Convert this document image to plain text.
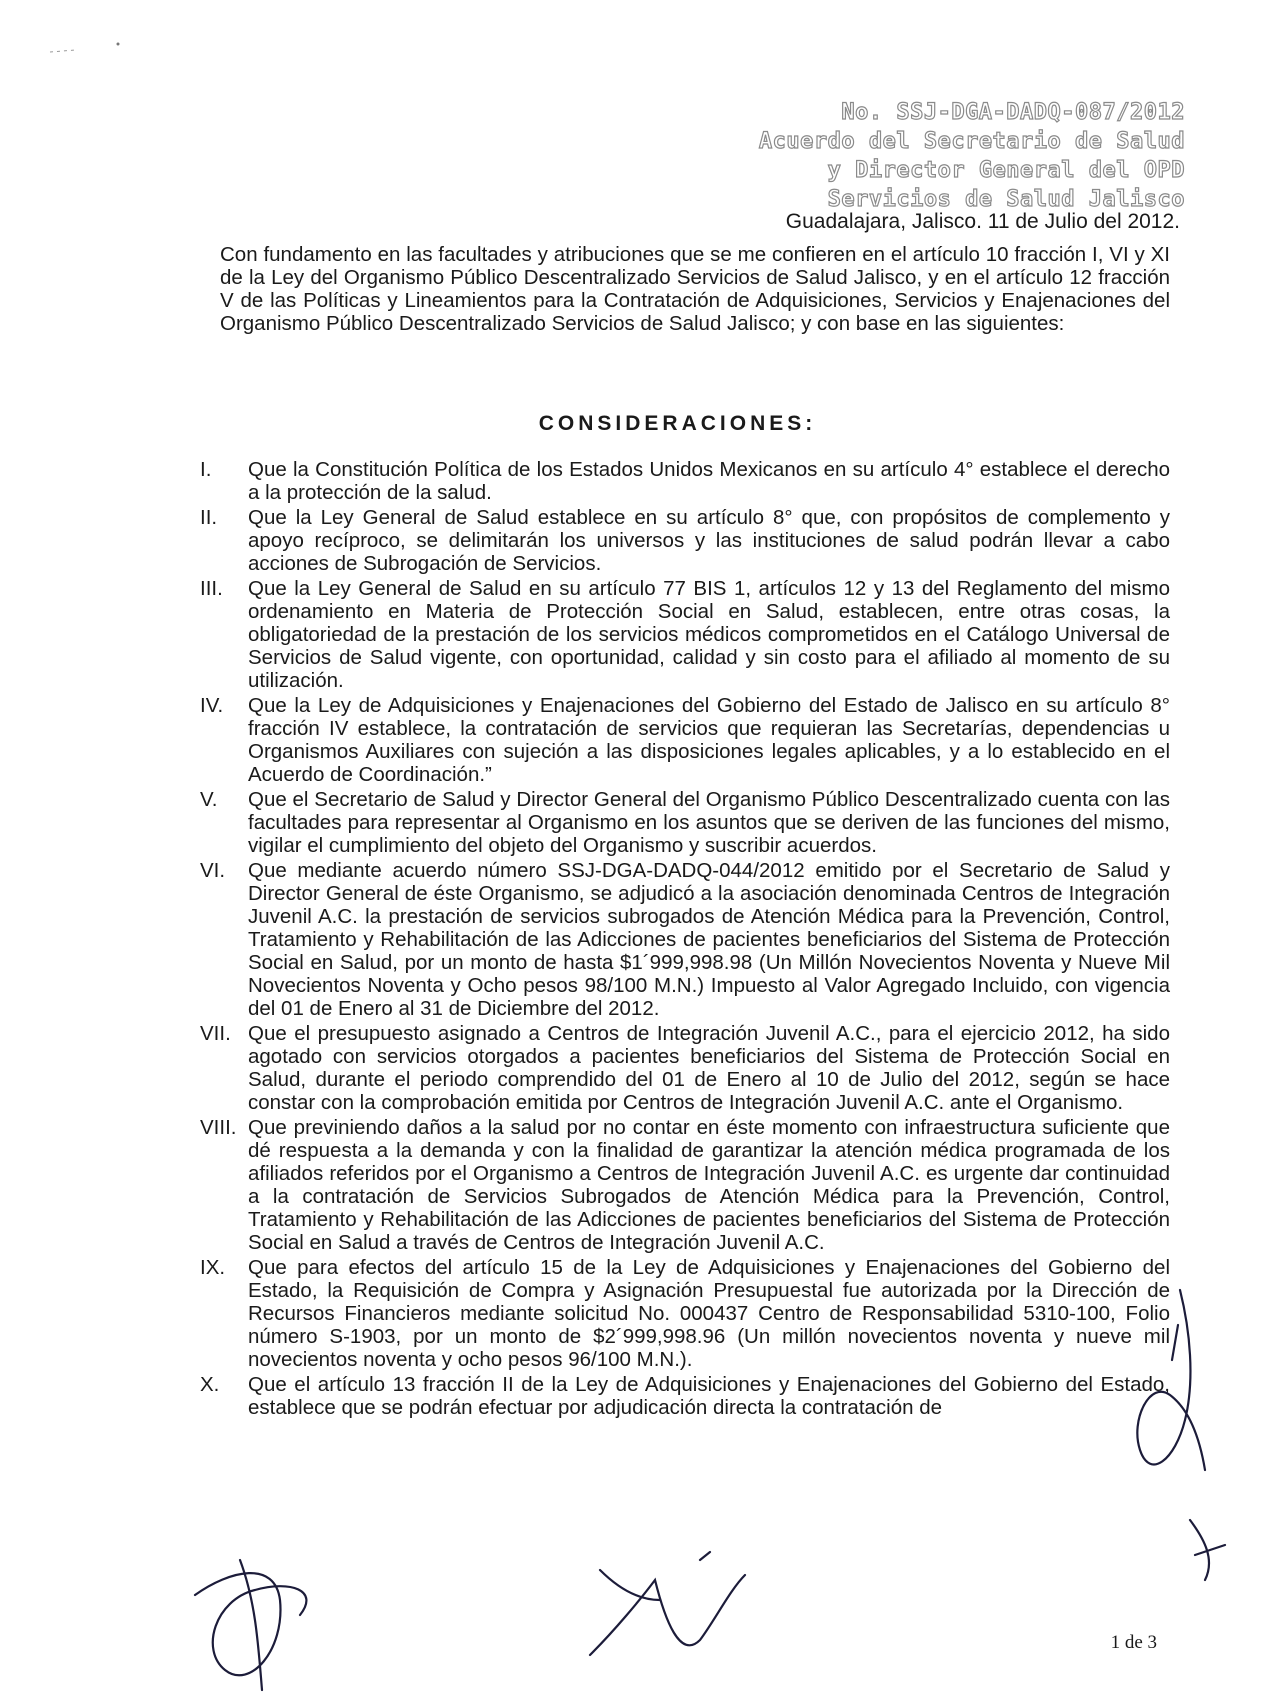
No. SSJ-DGA-DADQ-087/2012
Acuerdo del Secretario de Salud
y Director General del OPD
Servicios de Salud Jalisco
Guadalajara, Jalisco. 11 de Julio del 2012.
Con fundamento en las facultades y atribuciones que se me confieren en el artículo 10 fracción I, VI y XI de la Ley del Organismo Público Descentralizado Servicios de Salud Jalisco, y en el artículo 12 fracción V de las Políticas y Lineamientos para la Contratación de Adquisiciones, Servicios y Enajenaciones del Organismo Público Descentralizado Servicios de Salud Jalisco; y con base en las siguientes:
CONSIDERACIONES:
I.	Que la Constitución Política de los Estados Unidos Mexicanos en su artículo 4° establece el derecho a la protección de la salud.
II.	Que la Ley General de Salud establece en su artículo 8° que, con propósitos de complemento y apoyo recíproco, se delimitarán los universos y las instituciones de salud podrán llevar a cabo acciones de Subrogación de Servicios.
III.	Que la Ley General de Salud en su artículo 77 BIS 1, artículos 12 y 13 del Reglamento del mismo ordenamiento en Materia de Protección Social en Salud, establecen, entre otras cosas, la obligatoriedad de la prestación de los servicios médicos comprometidos en el Catálogo Universal de Servicios de Salud vigente, con oportunidad, calidad y sin costo para el afiliado al momento de su utilización.
IV.	Que la Ley de Adquisiciones y Enajenaciones del Gobierno del Estado de Jalisco en su artículo 8° fracción IV establece, la contratación de servicios que requieran las Secretarías, dependencias u Organismos Auxiliares con sujeción a las disposiciones legales aplicables, y a lo establecido en el Acuerdo de Coordinación.”
V.	Que el Secretario de Salud y Director General del Organismo Público Descentralizado cuenta con las facultades para representar al Organismo en los asuntos que se deriven de las funciones del mismo, vigilar el cumplimiento del objeto del Organismo y suscribir acuerdos.
VI.	Que mediante acuerdo número SSJ-DGA-DADQ-044/2012 emitido por el Secretario de Salud y Director General de éste Organismo, se adjudicó a la asociación denominada Centros de Integración Juvenil A.C. la prestación de servicios subrogados de Atención Médica para la Prevención, Control, Tratamiento y Rehabilitación de las Adicciones de pacientes beneficiarios del Sistema de Protección Social en Salud, por un monto de hasta $1´999,998.98 (Un Millón Novecientos Noventa y Nueve Mil Novecientos Noventa y Ocho pesos 98/100 M.N.) Impuesto al Valor Agregado Incluido, con vigencia del 01 de Enero al 31 de Diciembre del 2012.
VII. Que el presupuesto asignado a Centros de Integración Juvenil A.C., para el ejercicio 2012, ha sido agotado con servicios otorgados a pacientes beneficiarios del Sistema de Protección Social en Salud, durante el periodo comprendido del 01 de Enero al 10 de Julio del 2012, según se hace constar con la comprobación emitida por Centros de Integración Juvenil A.C. ante el Organismo.
VIII. Que previniendo daños a la salud por no contar en éste momento con infraestructura suficiente que dé respuesta a la demanda y con la finalidad de garantizar la atención médica programada de los afiliados referidos por el Organismo a Centros de Integración Juvenil A.C. es urgente dar continuidad a la contratación de Servicios Subrogados de Atención Médica para la Prevención, Control, Tratamiento y Rehabilitación de las Adicciones de pacientes beneficiarios del Sistema de Protección Social en Salud a través de Centros de Integración Juvenil A.C.
IX.	Que para efectos del artículo 15 de la Ley de Adquisiciones y Enajenaciones del Gobierno del Estado, la Requisición de Compra y Asignación Presupuestal fue autorizada por la Dirección de Recursos Financieros mediante solicitud No. 000437 Centro de Responsabilidad 5310-100, Folio número S-1903, por un monto de $2´999,998.96 (Un millón novecientos noventa y nueve mil novecientos noventa y ocho pesos 96/100 M.N.).
X.	Que el artículo 13 fracción II de la Ley de Adquisiciones y Enajenaciones del Gobierno del Estado, establece que se podrán efectuar por adjudicación directa la contratación de
1 de 3
